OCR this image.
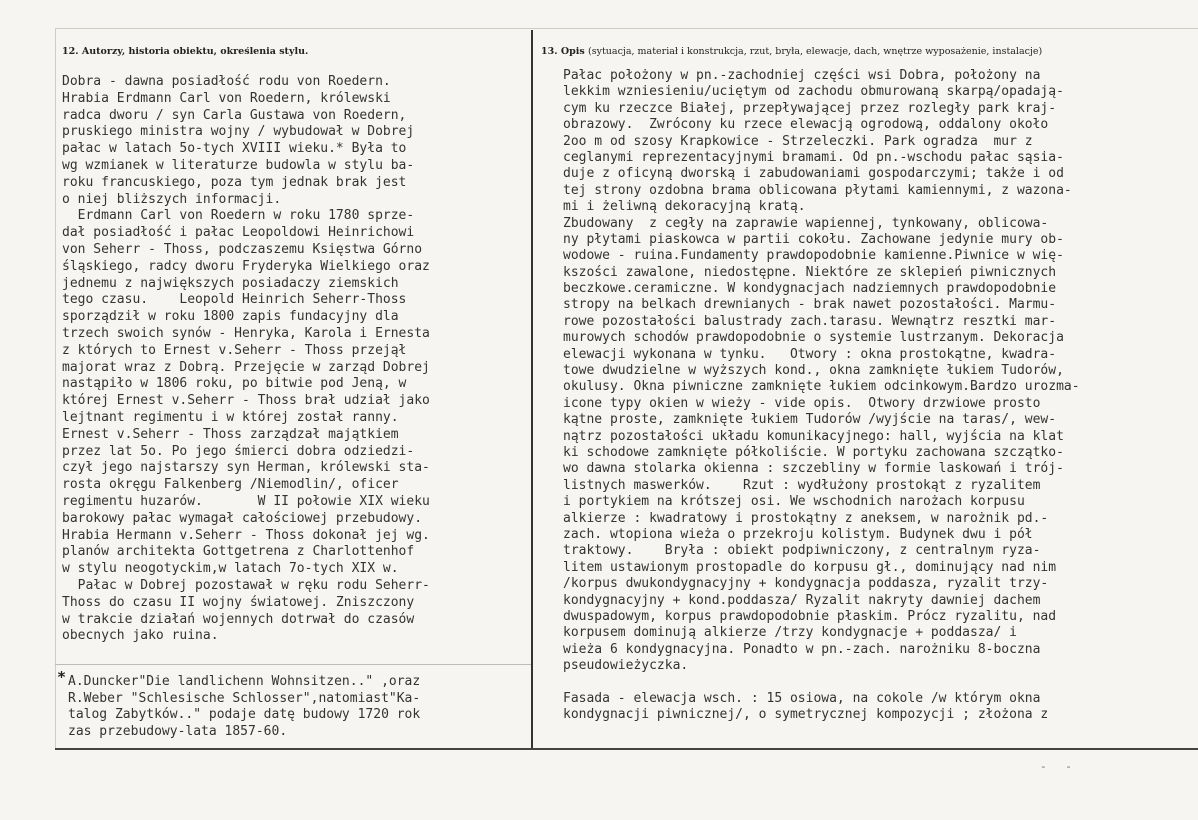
12. Autorzy, historia obiektu, określenia stylu.	13. Opis (sytuacja, materiał i konstrukcja, rzut, bryła, elewacje, dach, wnętrze wyposażenie, instalacje)
Dobra - dawna posiadłość rodu von Roedern.
Hrabia Erdmann Carl von Roedern, królewski
radca dworu / syn Carla Gustawa von Roedern,
pruskiego ministra wojny / wybudował w Dobrej
pałac w latach 5o-tych XVIII wieku.* Była to
wg wzmianek w literaturze budowla w stylu ba-
roku francuskiego, poza tym jednak brak jest
o niej bliższych informacji.
Erdmann Carl von Roedern w roku 1780 sprze-
dał posiadłość i pałac Leopoldowi Heinrichowi
von Seherr - Thoss, podczaszemu Księstwa Górno
śląskiego, radcy dworu Fryderyka Wielkiego oraz
jednemu z największych posiadaczy ziemskich
tego czasu.    Leopold Heinrich Seherr-Thoss
sporządził w roku 1800 zapis fundacyjny dla
trzech swoich synów - Henryka, Karola i Ernesta
z których to Ernest v.Seherr - Thoss przejął
majorat wraz z Dobrą. Przejęcie w zarząd Dobrej
nastąpiło w 1806 roku, po bitwie pod Jeną, w
której Ernest v.Seherr - Thoss brał udział jako
lejtnant regimentu i w której został ranny.
Ernest v.Seherr - Thoss zarządzał majątkiem
przez lat 5o. Po jego śmierci dobra odziedzi-
czył jego najstarszy syn Herman, królewski sta-
rosta okręgu Falkenberg /Niemodlin/, oficer
regimentu huzarów.       W II połowie XIX wieku
barokowy pałac wymagał całościowej przebudowy.
Hrabia Hermann v.Seherr - Thoss dokonał jej wg.
planów architekta Gottgetrena z Charlottenhof
w stylu neogotyckim,w latach 7o-tych XIX w.
Pałac w Dobrej pozostawał w ręku rodu Seherr-
Thoss do czasu II wojny światowej. Zniszczony
w trakcie działań wojennych dotrwał do czasów
obecnych jako ruina.
Pałac położony w pn.-zachodniej części wsi Dobra, położony na
lekkim wzniesieniu/uciętym od zachodu obmurowaną skarpą/opadają-
cym ku rzeczce Białej, przepływającej przez rozległy park kraj-
obrazowy.  Zwrócony ku rzece elewacją ogrodową, oddalony około
2oo m od szosy Krapkowice - Strzeleczki. Park ogradza  mur z
ceglanymi reprezentacyjnymi bramami. Od pn.-wschodu pałac sąsia-
duje z oficyną dworską i zabudowaniami gospodarczymi; także i od
tej strony ozdobna brama oblicowana płytami kamiennymi, z wazona-
mi i żeliwną dekoracyjną kratą.
Zbudowany  z cegły na zaprawie wapiennej, tynkowany, oblicowa-
ny płytami piaskowca w partii cokołu. Zachowane jedynie mury ob-
wodowe - ruina.Fundamenty prawdopodobnie kamienne.Piwnice w wię-
kszości zawalone, niedostępne. Niektóre ze sklepień piwnicznych
beczkowe.ceramiczne. W kondygnacjach nadziemnych prawdopodobnie
stropy na belkach drewnianych - brak nawet pozostałości. Marmu-
rowe pozostałości balustrady zach.tarasu. Wewnątrz resztki mar-
murowych schodów prawdopodobnie o systemie lustrzanym. Dekoracja
elewacji wykonana w tynku.   Otwory : okna prostokątne, kwadra-
towe dwudzielne w wyższych kond., okna zamknięte łukiem Tudorów,
okulusy. Okna piwniczne zamknięte łukiem odcinkowym.Bardzo urozma-
icone typy okien w wieży - vide opis.  Otwory drzwiowe prosto
kątne proste, zamknięte łukiem Tudorów /wyjście na taras/, wew-
nątrz pozostałości układu komunikacyjnego: hall, wyjścia na klat
ki schodowe zamknięte półkoliście. W portyku zachowana szczątko-
wo dawna stolarka okienna : szczebliny w formie laskowań i trój-
listnych maswerków.    Rzut : wydłużony prostokąt z ryzalitem
i portykiem na krótszej osi. We wschodnich narożach korpusu
alkierze : kwadratowy i prostokątny z aneksem, w narożnik pd.-
zach. wtopiona wieża o przekroju kolistym. Budynek dwu i pół
traktowy.    Bryła : obiekt podpiwniczony, z centralnym ryza-
litem ustawionym prostopadle do korpusu gł., dominujący nad nim
/korpus dwukondygnacyjny + kondygnacja poddasza, ryzalit trzy-
kondygnacyjny + kond.poddasza/ Ryzalit nakryty dawniej dachem
dwuspadowym, korpus prawdopodobnie płaskim. Prócz ryzalitu, nad
korpusem dominują alkierze /trzy kondygnacje + poddasza/ i
wieża 6 kondygnacyjna. Ponadto w pn.-zach. narożniku 8-boczna
pseudowieżyczka.
Fasada - elewacja wsch. : 15 osiowa, na cokole /w którym okna
kondygnacji piwnicznej/, o symetrycznej kompozycji ; złożona z
* A.Duncker"Die landlichenn Wohnsitzen.." ,oraz
R.Weber "Schlesische Schlosser",natomiast"Ka-
talog Zabytków.." podaje datę budowy 1720 rok
zas przebudowy-lata 1857-60.
- -
